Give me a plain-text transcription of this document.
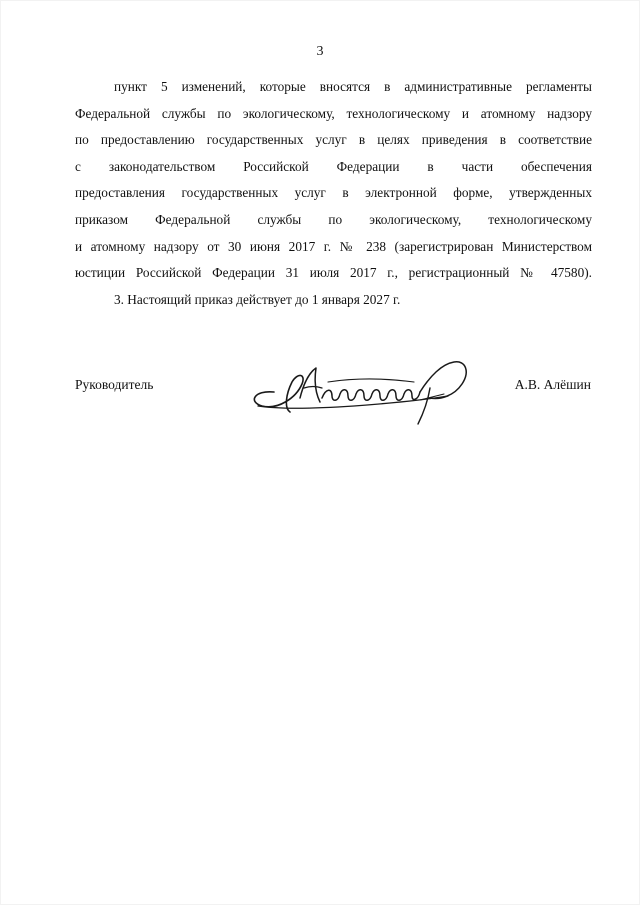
3
пункт 5 изменений, которые вносятся в административные регламенты
Федеральной службы по экологическому, технологическому и атомному надзору
по предоставлению государственных услуг в целях приведения в соответствие
с законодательством Российской Федерации в части обеспечения
предоставления государственных услуг в электронной форме, утвержденных
приказом Федеральной службы по экологическому, технологическому
и атомному надзору от 30 июня 2017 г. № 238 (зарегистрирован Министерством
юстиции Российской Федерации 31 июля 2017 г., регистрационный № 47580).
3. Настоящий приказ действует до 1 января 2027 г.
Руководитель	А.В. Алёшин
